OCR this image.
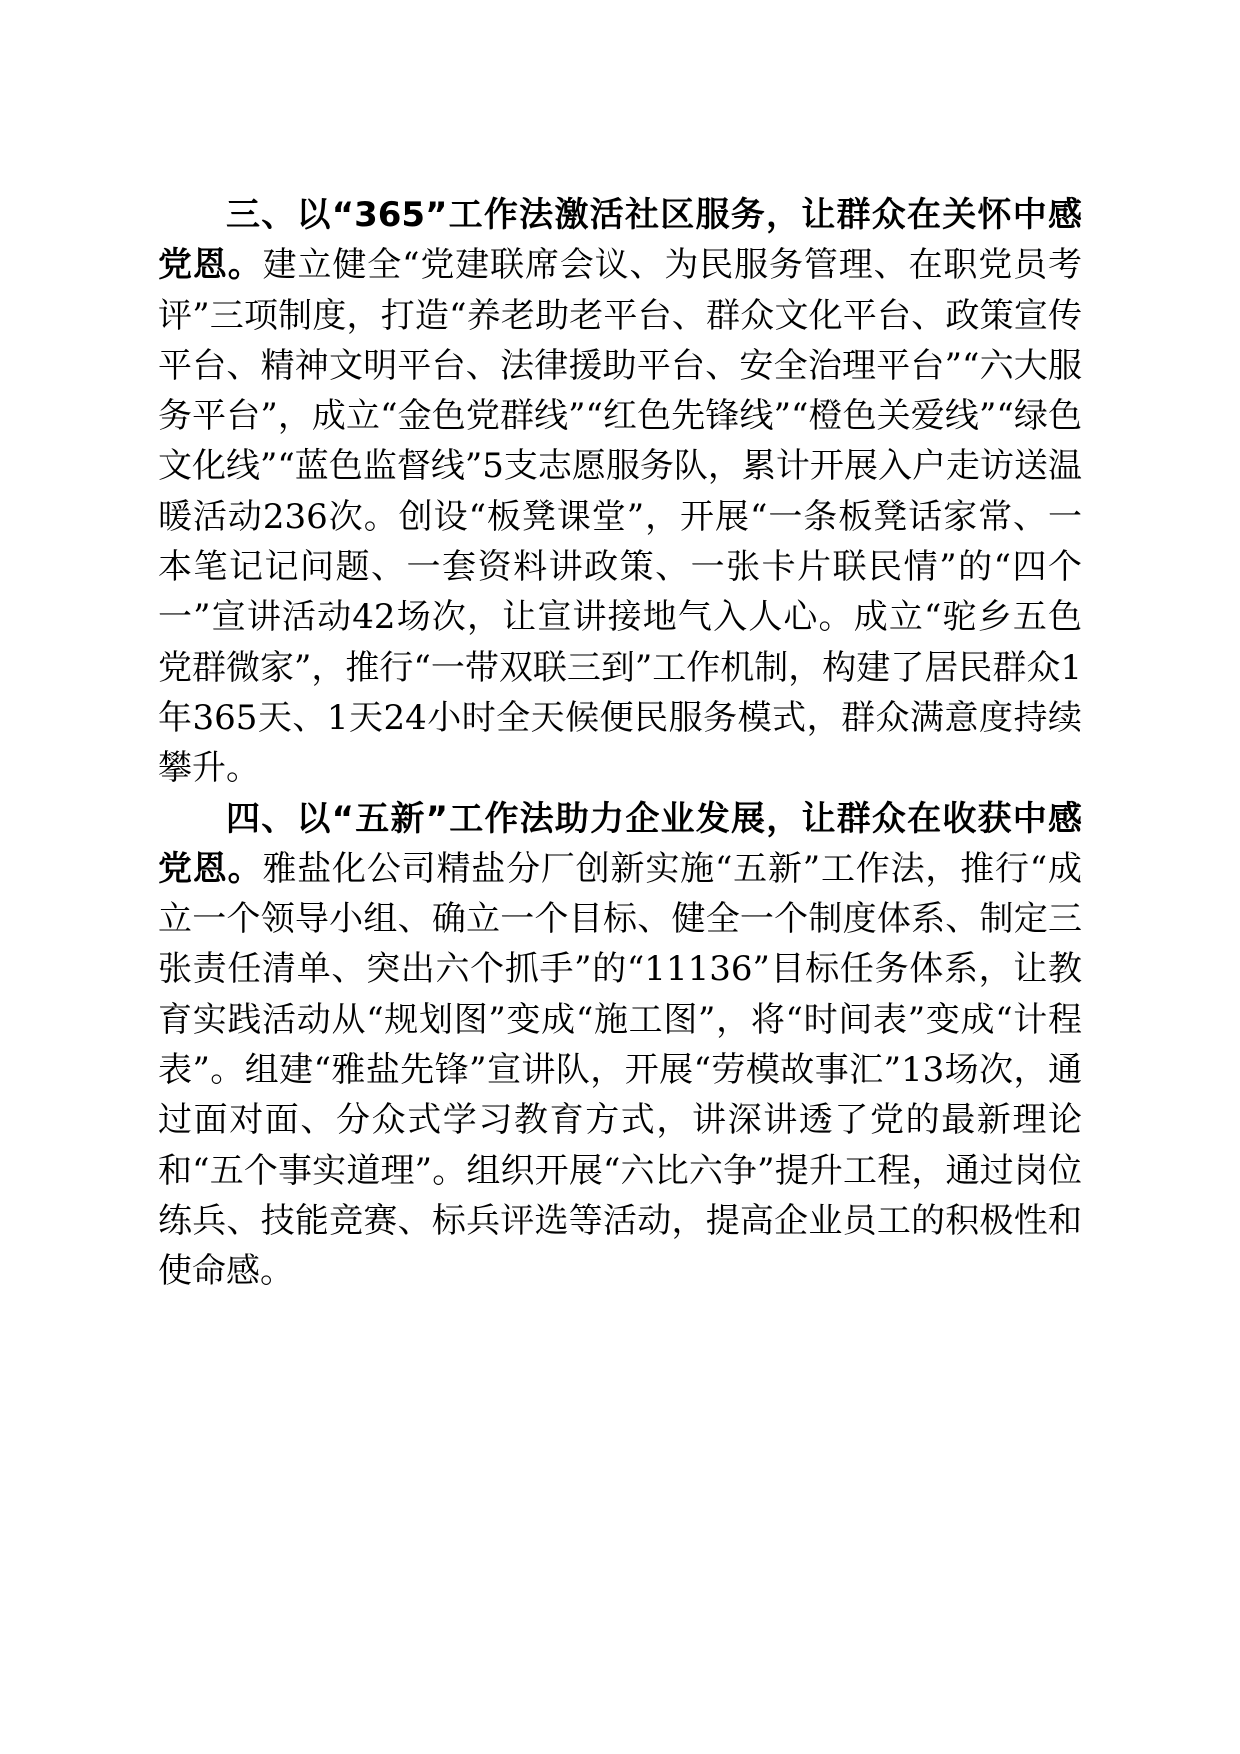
三、以“365”工作法激活社区服务，让群众在关怀中感党恩。建立健全“党建联席会议、为民服务管理、在职党员考评”三项制度，打造“养老助老平台、群众文化平台、政策宣传平台、精神文明平台、法律援助平台、安全治理平台”“六大服务平台”，成立“金色党群线”“红色先锋线”“橙色关爱线”“绿色文化线”“蓝色监督线”5支志愿服务队，累计开展入户走访送温暖活动236次。创设“板凳课堂”，开展“一条板凳话家常、一本笔记记问题、一套资料讲政策、一张卡片联民情”的“四个一”宣讲活动42场次，让宣讲接地气入人心。成立“驼乡五色党群微家”，推行“一带双联三到”工作机制，构建了居民群众1年365天、1天24小时全天候便民服务模式，群众满意度持续攀升。

四、以“五新”工作法助力企业发展，让群众在收获中感党恩。雅盐化公司精盐分厂创新实施“五新”工作法，推行“成立一个领导小组、确立一个目标、健全一个制度体系、制定三张责任清单、突出六个抓手”的“11136”目标任务体系，让教育实践活动从“规划图”变成“施工图”，将“时间表”变成“计程表”。组建“雅盐先锋”宣讲队，开展“劳模故事汇”13场次，通过面对面、分众式学习教育方式，讲深讲透了党的最新理论和“五个事实道理”。组织开展“六比六争”提升工程，通过岗位练兵、技能竞赛、标兵评选等活动，提高企业员工的积极性和使命感。
